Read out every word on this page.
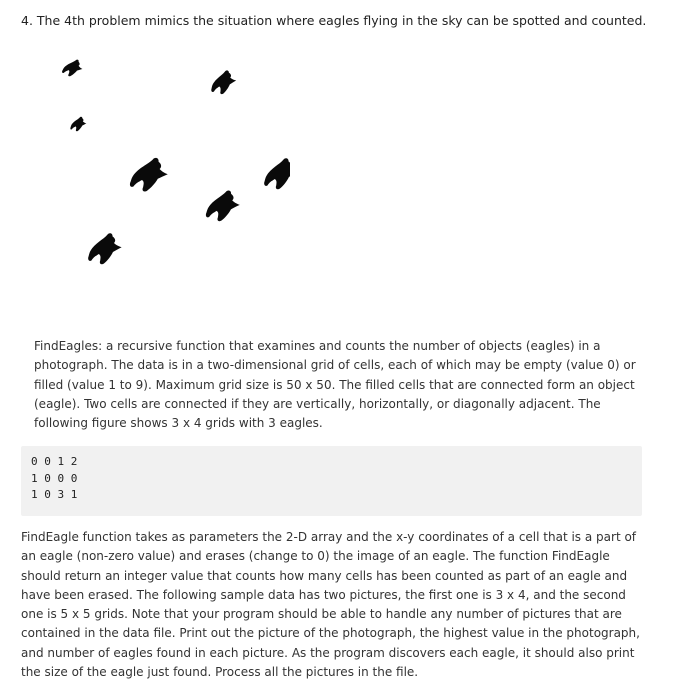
4. The 4th problem mimics the situation where eagles flying in the sky can be spotted and counted.
FindEagles: a recursive function that examines and counts the number of objects (eagles) in a photograph. The data is in a two-dimensional grid of cells, each of which may be empty (value 0) or filled (value 1 to 9). Maximum grid size is 50 x 50. The filled cells that are connected form an object (eagle). Two cells are connected if they are vertically, horizontally, or diagonally adjacent. The following figure shows 3 x 4 grids with 3 eagles.
0 0 1 2
1 0 0 0
1 0 3 1
FindEagle function takes as parameters the 2-D array and the x-y coordinates of a cell that is a part of an eagle (non-zero value) and erases (change to 0) the image of an eagle. The function FindEagle should return an integer value that counts how many cells has been counted as part of an eagle and have been erased. The following sample data has two pictures, the first one is 3 x 4, and the second one is 5 x 5 grids. Note that your program should be able to handle any number of pictures that are contained in the data file. Print out the picture of the photograph, the highest value in the photograph, and number of eagles found in each picture. As the program discovers each eagle, it should also print the size of the eagle just found. Process all the pictures in the file.
